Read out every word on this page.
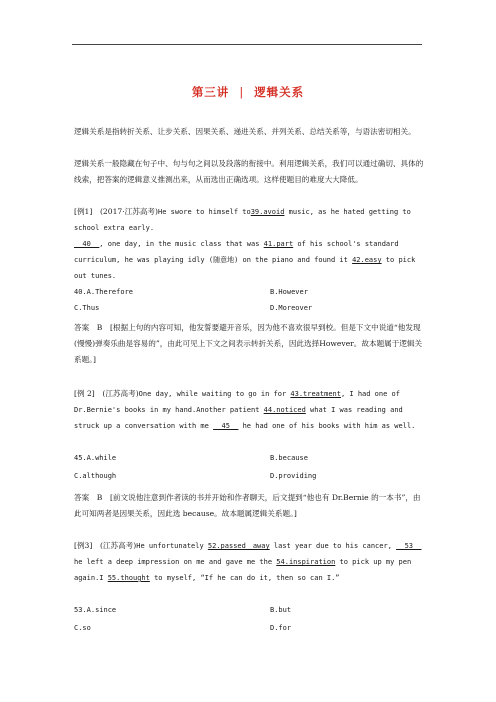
第三讲 | 逻辑关系
逻辑关系是指转折关系、让步关系、因果关系、递进关系、并列关系、总结关系等，与语法密切相关。
逻辑关系一般隐藏在句子中、句与句之间以及段落的衔接中。利用逻辑关系，我们可以通过确切、具体的线索，把答案的逻辑意义推测出来，从而选出正确选项。这样使题目的难度大大降低。
[例1]　(2017·江苏高考)He swore to himself to39.avoid music, as he hated getting to school extra early.
__40__, one day, in the music class that was 41.part of his school's standard curriculum, he was playing idly (随意地) on the piano and found it 42.easy to pick out tunes.
40.A.Therefore	B.However
C.Thus	D.Moreover
答案　B　[根据上句的内容可知，他发誓要避开音乐，因为他不喜欢很早到校。但是下文中说道“他发现(慢慢)弹奏乐曲是容易的”，由此可见上下文之间表示转折关系，因此选择However。故本题属于逻辑关系题。]
[例 2]　(江苏高考)One day, while waiting to go in for 43.treatment, I had one of Dr.Bernie's books in my hand.Another patient 44.noticed what I was reading and struck up a conversation with me __45__ he had one of his books with him as well.
45.A.while	B.because
C.although	D.providing
答案　B　[前文说他注意到作者读的书并开始和作者聊天，后文提到“他也有 Dr.Bernie 的一本书”，由此可知两者是因果关系，因此选 because。故本题属逻辑关系题。]
[例3]　(江苏高考)He unfortunately 52.passed　away last year due to his cancer, __53__ he left a deep impression on me and gave me the 54.inspiration to pick up my pen again.I 55.thought to myself, “If he can do it, then so can I.”
53.A.since	B.but
C.so	D.for
